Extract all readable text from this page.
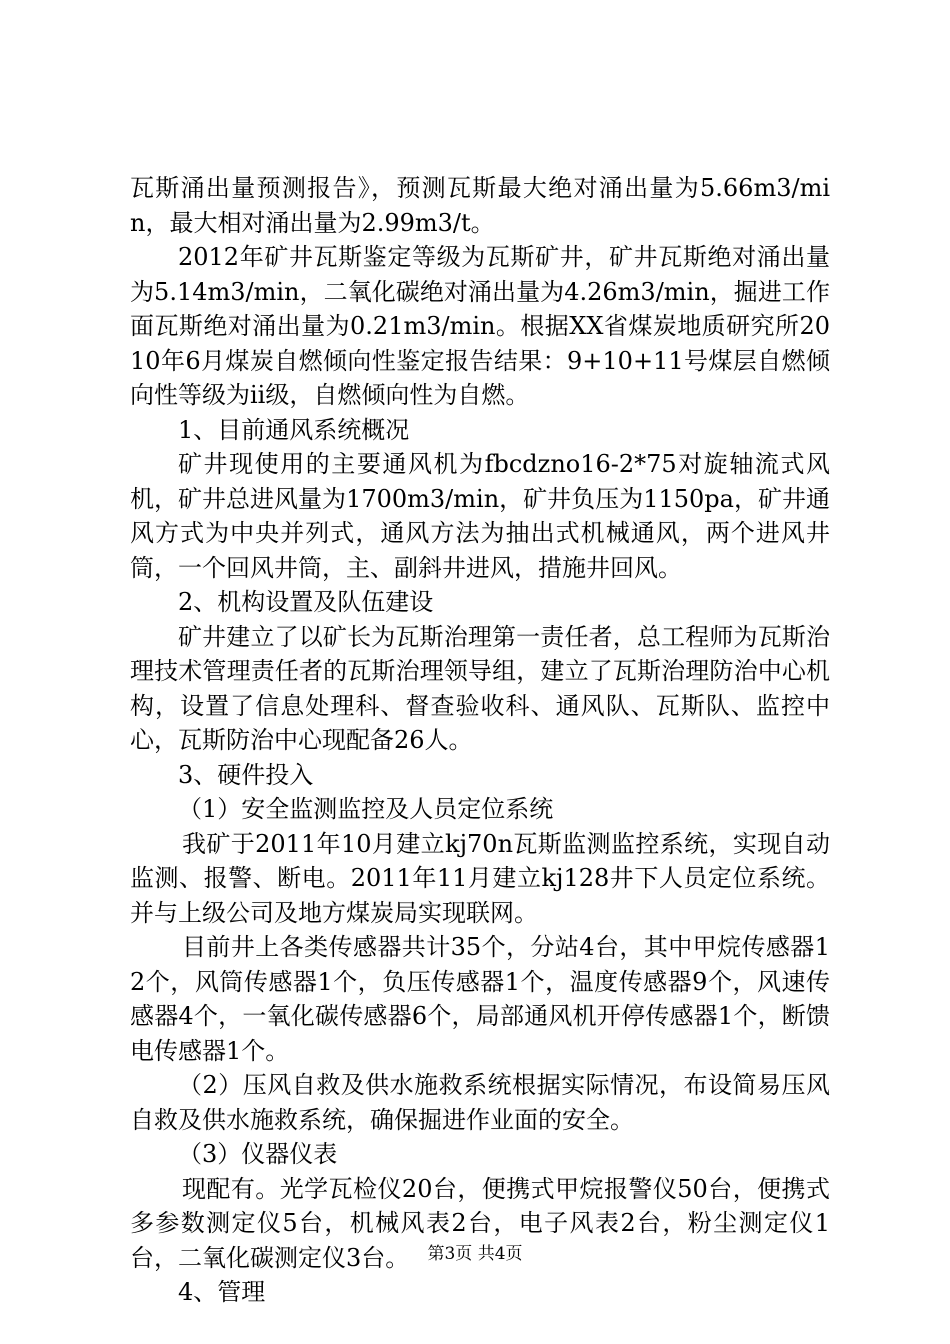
瓦斯涌出量预测报告》，预测瓦斯最大绝对涌出量为5.66m3/min，最大相对涌出量为2.99m3/t。

2012年矿井瓦斯鉴定等级为瓦斯矿井，矿井瓦斯绝对涌出量为5.14m3/min，二氧化碳绝对涌出量为4.26m3/min，掘进工作面瓦斯绝对涌出量为0.21m3/min。根据XX省煤炭地质研究所2010年6月煤炭自燃倾向性鉴定报告结果：9+10+11号煤层自燃倾向性等级为ii级，自燃倾向性为自燃。

1、目前通风系统概况

矿井现使用的主要通风机为fbcdzno16-2*75对旋轴流式风机，矿井总进风量为1700m3/min，矿井负压为1150pa，矿井通风方式为中央并列式，通风方法为抽出式机械通风，两个进风井筒，一个回风井筒，主、副斜井进风，措施井回风。

2、机构设置及队伍建设

矿井建立了以矿长为瓦斯治理第一责任者，总工程师为瓦斯治理技术管理责任者的瓦斯治理领导组，建立了瓦斯治理防治中心机构，设置了信息处理科、督查验收科、通风队、瓦斯队、监控中心，瓦斯防治中心现配备26人。

3、硬件投入

（1）安全监测监控及人员定位系统

我矿于2011年10月建立kj70n瓦斯监测监控系统，实现自动监测、报警、断电。2011年11月建立kj128井下人员定位系统。并与上级公司及地方煤炭局实现联网。

目前井上各类传感器共计35个，分站4台，其中甲烷传感器12个，风筒传感器1个，负压传感器1个，温度传感器9个，风速传感器4个，一氧化碳传感器6个，局部通风机开停传感器1个，断馈电传感器1个。

（2）压风自救及供水施救系统根据实际情况，布设简易压风自救及供水施救系统，确保掘进作业面的安全。

（3）仪器仪表

现配有。光学瓦检仪20台，便携式甲烷报警仪50台，便携式多参数测定仪5台，机械风表2台，电子风表2台，粉尘测定仪1台，二氧化碳测定仪3台。

4、管理

第3页 共4页
